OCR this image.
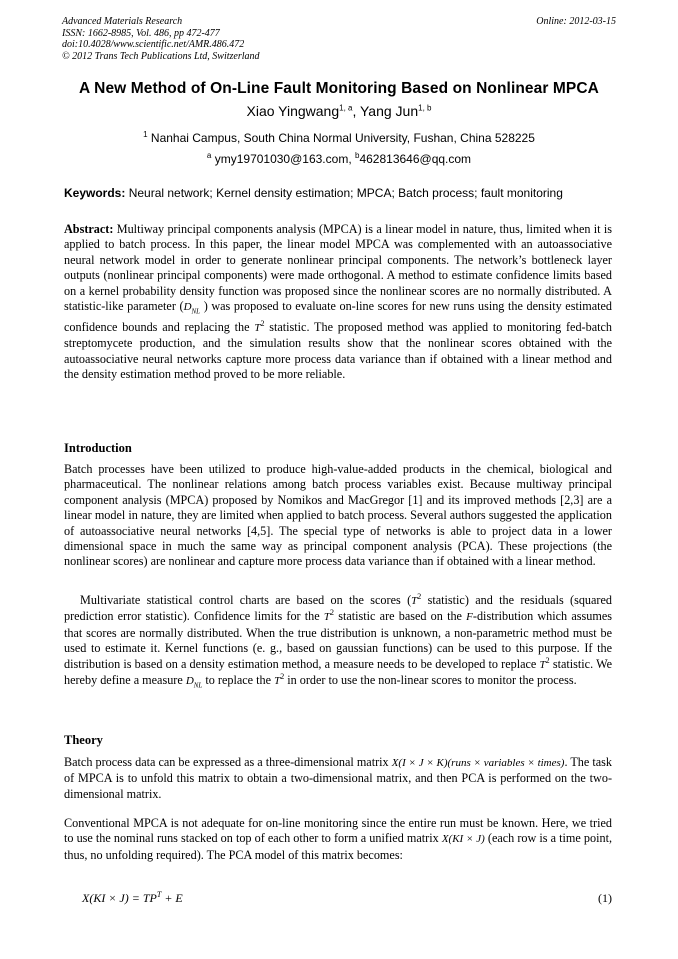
Advanced Materials Research
ISSN: 1662-8985, Vol. 486, pp 472-477
doi:10.4028/www.scientific.net/AMR.486.472
© 2012 Trans Tech Publications Ltd, Switzerland
Online: 2012-03-15
A New Method of On-Line Fault Monitoring Based on Nonlinear MPCA
Xiao Yingwang$^{1, a}$, Yang Jun$^{1, b}$
$^1$ Nanhai Campus, South China Normal University, Fushan, China 528225
$^a$ ymy19701030@163.com, $^b$462813646@qq.com
Keywords: Neural network; Kernel density estimation; MPCA; Batch process; fault monitoring
Abstract: Multiway principal components analysis (MPCA) is a linear model in nature, thus, limited when it is applied to batch process. In this paper, the linear model MPCA was complemented with an autoassociative neural network model in order to generate nonlinear principal components. The network’s bottleneck layer outputs (nonlinear principal components) were made orthogonal. A method to estimate confidence limits based on a kernel probability density function was proposed since the nonlinear scores are no normally distributed. A statistic-like parameter ($D_{NL}$ ) was proposed to evaluate on-line scores for new runs using the density estimated confidence bounds and replacing the $T^2$ statistic. The proposed method was applied to monitoring fed-batch streptomycete production, and the simulation results show that the nonlinear scores obtained with the autoassociative neural networks capture more process data variance than if obtained with a linear method and the density estimation method proved to be more reliable.
Introduction
Batch processes have been utilized to produce high-value-added products in the chemical, biological and pharmaceutical. The nonlinear relations among batch process variables exist. Because multiway principal component analysis (MPCA) proposed by Nomikos and MacGregor [1] and its improved methods [2,3] are a linear model in nature, they are limited when applied to batch process. Several authors suggested the application of autoassociative neural networks [4,5]. The special type of networks is able to project data in a lower dimensional space in much the same way as principal component analysis (PCA). These projections (the nonlinear scores) are nonlinear and capture more process data variance than if obtained with a linear method.
Multivariate statistical control charts are based on the scores ($T^2$ statistic) and the residuals (squared prediction error statistic). Confidence limits for the $T^2$ statistic are based on the F-distribution which assumes that scores are normally distributed. When the true distribution is unknown, a non-parametric method must be used to estimate it. Kernel functions (e. g., based on gaussian functions) can be used to this purpose. If the distribution is based on a density estimation method, a measure needs to be developed to replace $T^2$ statistic. We hereby define a measure $D_{NL}$ to replace the $T^2$ in order to use the non-linear scores to monitor the process.
Theory
Batch process data can be expressed as a three-dimensional matrix X(I × J × K)(runs × variables × times). The task of MPCA is to unfold this matrix to obtain a two-dimensional matrix, and then PCA is performed on the two-dimensional matrix.
Conventional MPCA is not adequate for on-line monitoring since the entire run must be known. Here, we tried to use the nominal runs stacked on top of each other to form a unified matrix X(KI × J) (each row is a time point, thus, no unfolding required). The PCA model of this matrix becomes:
$X(KI \times J) = TP^T + E$	(1)
